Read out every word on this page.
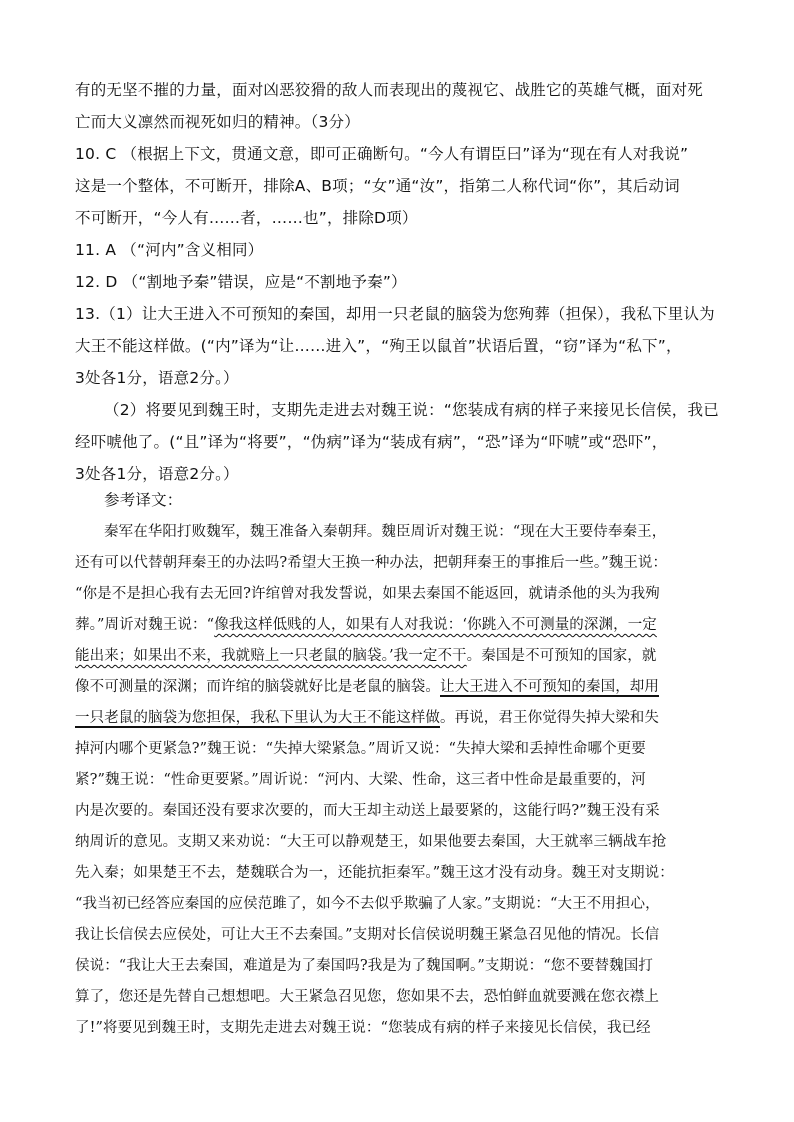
有的无坚不摧的力量，面对凶恶狡猾的敌人而表现出的蔑视它、战胜它的英雄气概，面对死
亡而大义凛然而视死如归的精神。（3分）
10. C （根据上下文，贯通文意，即可正确断句。“今人有谓臣曰”译为“现在有人对我说”
这是一个整体，不可断开，排除A、B项；“女”通“汝”，指第二人称代词“你”，其后动词
不可断开，“今人有……者，……也”，排除D项）
11. A （“河内”含义相同）
12. D （“割地予秦”错误，应是“不割地予秦”）
13.（1）让大王进入不可预知的秦国，却用一只老鼠的脑袋为您殉葬（担保），我私下里认为
大王不能这样做。(“内”译为“让……进入”，“殉王以鼠首”状语后置，“窃”译为“私下”，
3处各1分，语意2分。）
（2）将要见到魏王时，支期先走进去对魏王说：“您装成有病的样子来接见长信侯，我已
经吓唬他了。(“且”译为“将要”，“伪病”译为“装成有病”，“恐”译为“吓唬”或“恐吓”，
3处各1分，语意2分。）
参考译文：
秦军在华阳打败魏军，魏王准备入秦朝拜。魏臣周䜣对魏王说：“现在大王要侍奉秦王，
还有可以代替朝拜秦王的办法吗?希望大王换一种办法，把朝拜秦王的事推后一些。”魏王说：
“你是不是担心我有去无回?许绾曾对我发誓说，如果去秦国不能返回，就请杀他的头为我殉
葬。”周䜣对魏王说：“像我这样低贱的人，如果有人对我说：‘你跳入不可测量的深渊，一定
能出来；如果出不来，我就赔上一只老鼠的脑袋。’我一定不干。秦国是不可预知的国家，就
像不可测量的深渊；而许绾的脑袋就好比是老鼠的脑袋。让大王进入不可预知的秦国，却用
一只老鼠的脑袋为您担保，我私下里认为大王不能这样做。再说，君王你觉得失掉大梁和失
掉河内哪个更紧急?”魏王说：“失掉大梁紧急。”周䜣又说：“失掉大梁和丢掉性命哪个更要
紧?”魏王说：“性命更要紧。”周䜣说：“河内、大梁、性命，这三者中性命是最重要的，河
内是次要的。秦国还没有要求次要的，而大王却主动送上最要紧的，这能行吗?”魏王没有采
纳周䜣的意见。支期又来劝说：“大王可以静观楚王，如果他要去秦国，大王就率三辆战车抢
先入秦；如果楚王不去，楚魏联合为一，还能抗拒秦军。”魏王这才没有动身。魏王对支期说：
“我当初已经答应秦国的应侯范雎了，如今不去似乎欺骗了人家。”支期说：“大王不用担心，
我让长信侯去应侯处，可让大王不去秦国。”支期对长信侯说明魏王紧急召见他的情况。长信
侯说：“我让大王去秦国，难道是为了秦国吗?我是为了魏国啊。”支期说：“您不要替魏国打
算了，您还是先替自己想想吧。大王紧急召见您，您如果不去，恐怕鲜血就要溅在您衣襟上
了!”将要见到魏王时，支期先走进去对魏王说：“您装成有病的样子来接见长信侯，我已经
